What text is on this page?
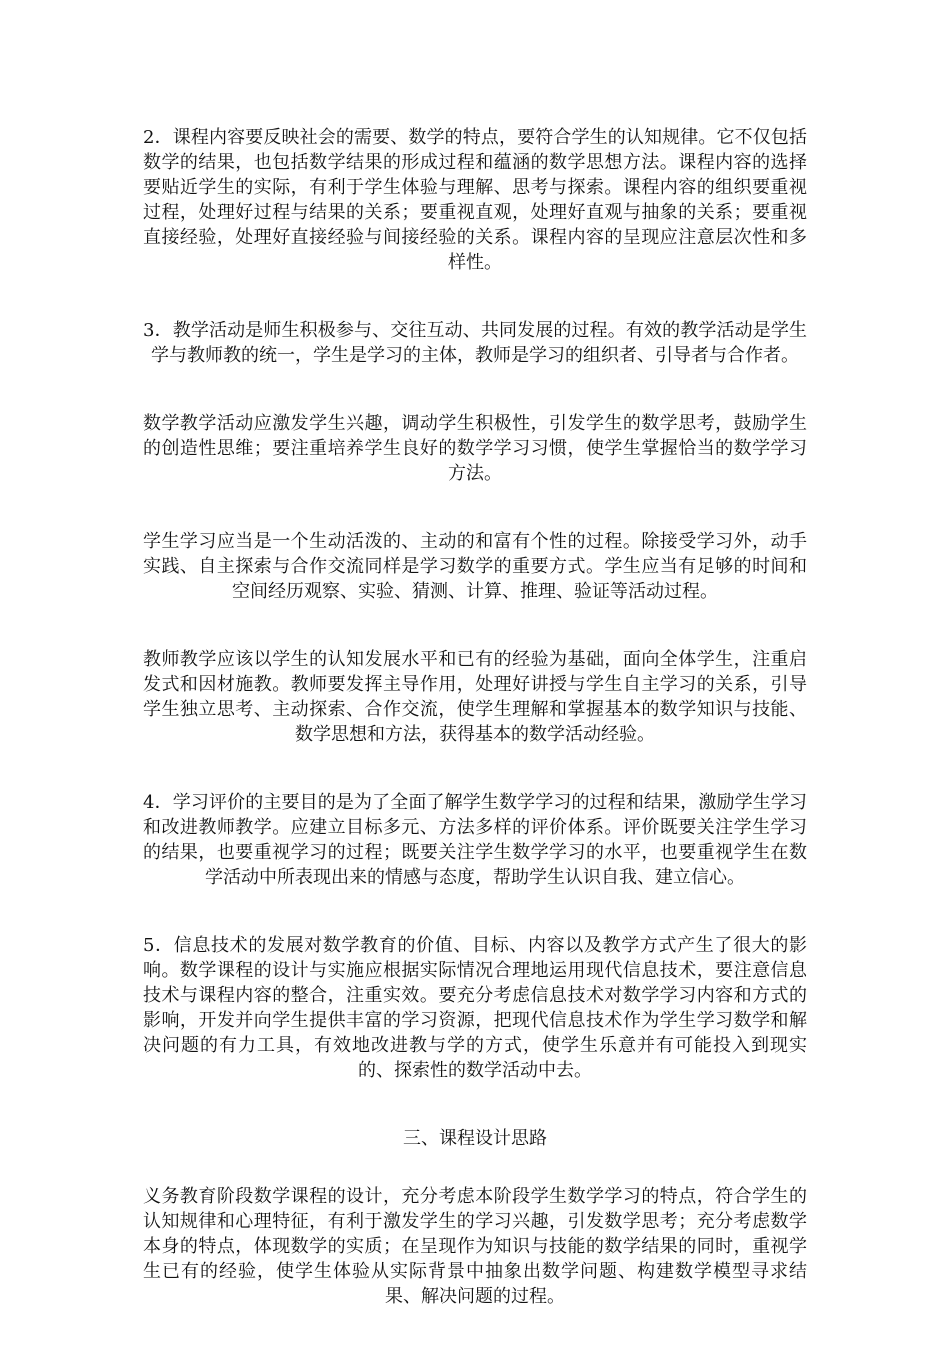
2．课程内容要反映社会的需要、数学的特点，要符合学生的认知规律。它不仅包括数学的结果，也包括数学结果的形成过程和蕴涵的数学思想方法。课程内容的选择要贴近学生的实际，有利于学生体验与理解、思考与探索。课程内容的组织要重视过程，处理好过程与结果的关系；要重视直观，处理好直观与抽象的关系；要重视直接经验，处理好直接经验与间接经验的关系。课程内容的呈现应注意层次性和多样性。

3．教学活动是师生积极参与、交往互动、共同发展的过程。有效的教学活动是学生学与教师教的统一，学生是学习的主体，教师是学习的组织者、引导者与合作者。

数学教学活动应激发学生兴趣，调动学生积极性，引发学生的数学思考，鼓励学生的创造性思维；要注重培养学生良好的数学学习习惯，使学生掌握恰当的数学学习方法。

学生学习应当是一个生动活泼的、主动的和富有个性的过程。除接受学习外，动手实践、自主探索与合作交流同样是学习数学的重要方式。学生应当有足够的时间和空间经历观察、实验、猜测、计算、推理、验证等活动过程。

教师教学应该以学生的认知发展水平和已有的经验为基础，面向全体学生，注重启发式和因材施教。教师要发挥主导作用，处理好讲授与学生自主学习的关系，引导学生独立思考、主动探索、合作交流，使学生理解和掌握基本的数学知识与技能、数学思想和方法，获得基本的数学活动经验。

4．学习评价的主要目的是为了全面了解学生数学学习的过程和结果，激励学生学习和改进教师教学。应建立目标多元、方法多样的评价体系。评价既要关注学生学习的结果，也要重视学习的过程；既要关注学生数学学习的水平，也要重视学生在数学活动中所表现出来的情感与态度，帮助学生认识自我、建立信心。

5．信息技术的发展对数学教育的价值、目标、内容以及教学方式产生了很大的影响。数学课程的设计与实施应根据实际情况合理地运用现代信息技术，要注意信息技术与课程内容的整合，注重实效。要充分考虑信息技术对数学学习内容和方式的影响，开发并向学生提供丰富的学习资源，把现代信息技术作为学生学习数学和解决问题的有力工具，有效地改进教与学的方式，使学生乐意并有可能投入到现实的、探索性的数学活动中去。

三、课程设计思路

义务教育阶段数学课程的设计，充分考虑本阶段学生数学学习的特点，符合学生的认知规律和心理特征，有利于激发学生的学习兴趣，引发数学思考；充分考虑数学本身的特点，体现数学的实质；在呈现作为知识与技能的数学结果的同时，重视学生已有的经验，使学生体验从实际背景中抽象出数学问题、构建数学模型寻求结果、解决问题的过程。
